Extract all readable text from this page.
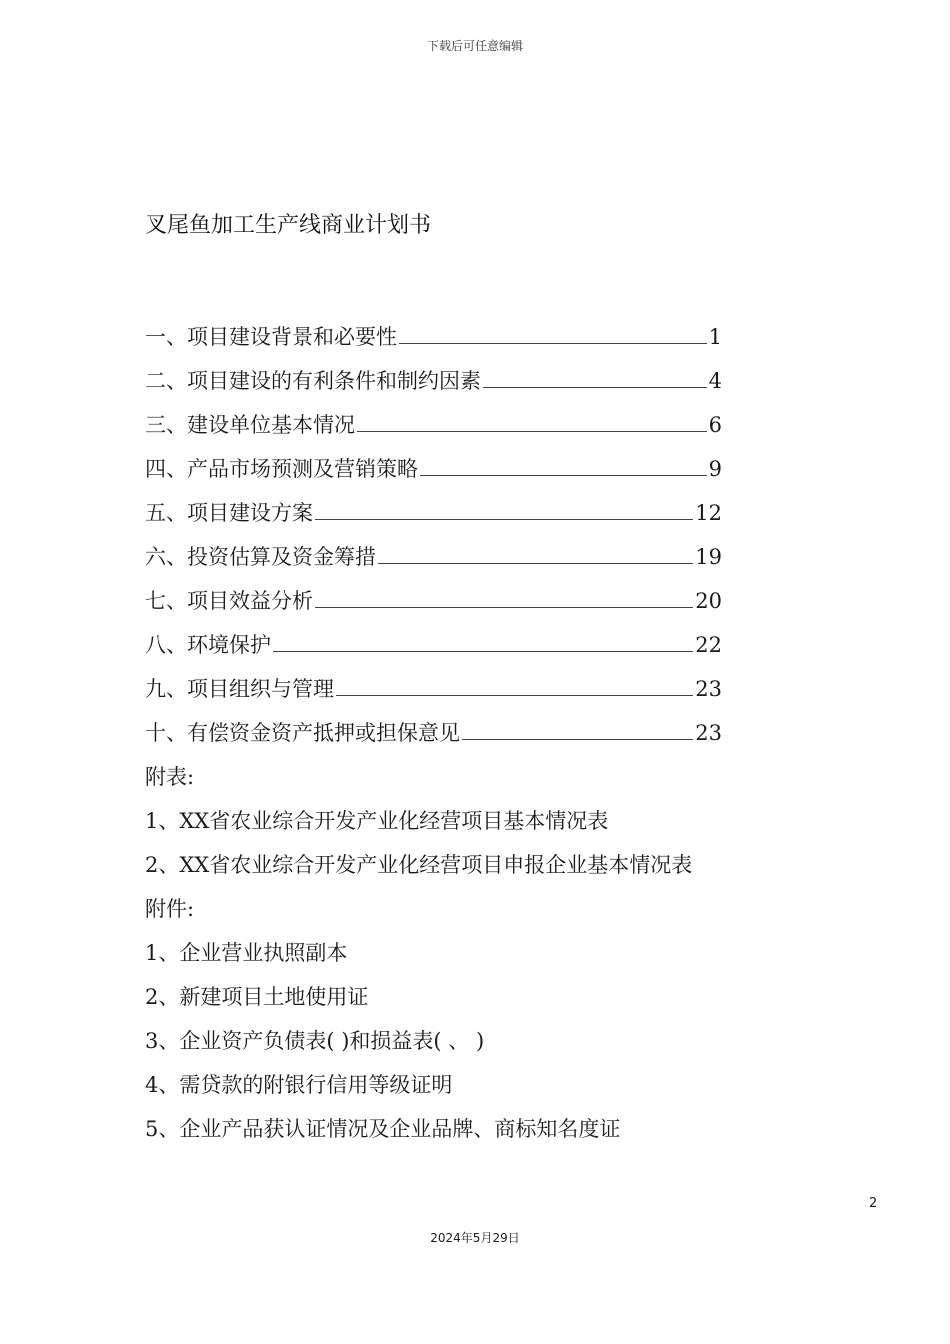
下载后可任意编辑
叉尾鱼加工生产线商业计划书
一、项目建设背景和必要性	1
二、项目建设的有利条件和制约因素	4
三、建设单位基本情况	6
四、产品市场预测及营销策略	9
五、项目建设方案	12
六、投资估算及资金筹措	19
七、项目效益分析	20
八、环境保护	22
九、项目组织与管理	23
十、有偿资金资产抵押或担保意见	23
附表:
1、XX省农业综合开发产业化经营项目基本情况表
2、XX省农业综合开发产业化经营项目申报企业基本情况表
附件:
1、企业营业执照副本
2、新建项目土地使用证
3、企业资产负债表( )和损益表( 、 )
4、需贷款的附银行信用等级证明
5、企业产品获认证情况及企业品牌、商标知名度证
2
2024年5月29日
